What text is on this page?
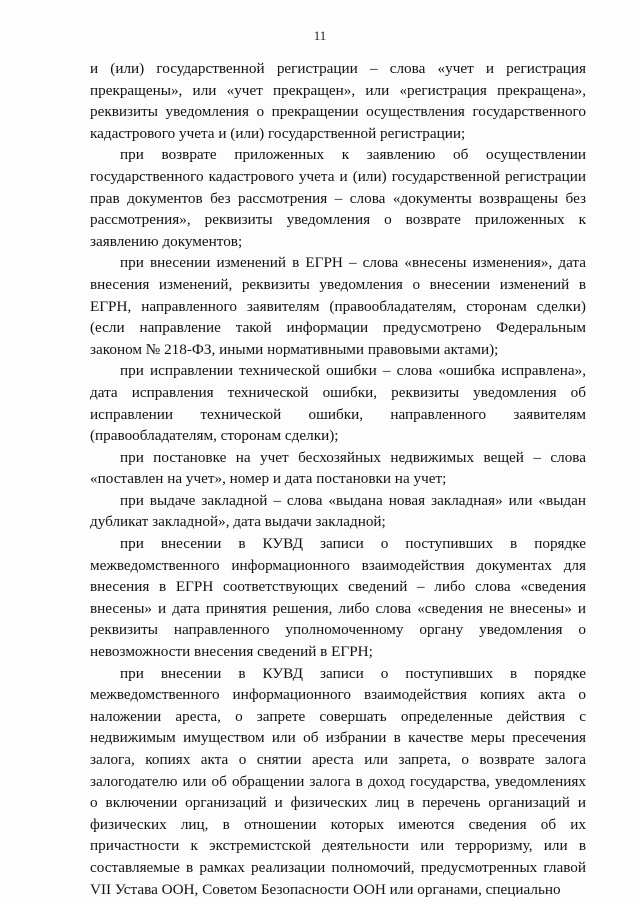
11

и (или) государственной регистрации – слова «учет и регистрация прекращены», или «учет прекращен», или «регистрация прекращена», реквизиты уведомления о прекращении осуществления государственного кадастрового учета и (или) государственной регистрации;

при возврате приложенных к заявлению об осуществлении государственного кадастрового учета и (или) государственной регистрации прав документов без рассмотрения – слова «документы возвращены без рассмотрения», реквизиты уведомления о возврате приложенных к заявлению документов;

при внесении изменений в ЕГРН – слова «внесены изменения», дата внесения изменений, реквизиты уведомления о внесении изменений в ЕГРН, направленного заявителям (правообладателям, сторонам сделки) (если направление такой информации предусмотрено Федеральным законом № 218-ФЗ, иными нормативными правовыми актами);

при исправлении технической ошибки – слова «ошибка исправлена», дата исправления технической ошибки, реквизиты уведомления об исправлении технической ошибки, направленного заявителям (правообладателям, сторонам сделки);

при постановке на учет бесхозяйных недвижимых вещей – слова «поставлен на учет», номер и дата постановки на учет;

при выдаче закладной – слова «выдана новая закладная» или «выдан дубликат закладной», дата выдачи закладной;

при внесении в КУВД записи о поступивших в порядке межведомственного информационного взаимодействия документах для внесения в ЕГРН соответствующих сведений – либо слова «сведения внесены» и дата принятия решения, либо слова «сведения не внесены» и реквизиты направленного уполномоченному органу уведомления о невозможности внесения сведений в ЕГРН;

при внесении в КУВД записи о поступивших в порядке межведомственного информационного взаимодействия копиях акта о наложении ареста, о запрете совершать определенные действия с недвижимым имуществом или об избрании в качестве меры пресечения залога, копиях акта о снятии ареста или запрета, о возврате залога залогодателю или об обращении залога в доход государства, уведомлениях о включении организаций и физических лиц в перечень организаций и физических лиц, в отношении которых имеются сведения об их причастности к экстремистской деятельности или терроризму, или в составляемые в рамках реализации полномочий, предусмотренных главой VII Устава ООН, Советом Безопасности ООН или органами, специально
